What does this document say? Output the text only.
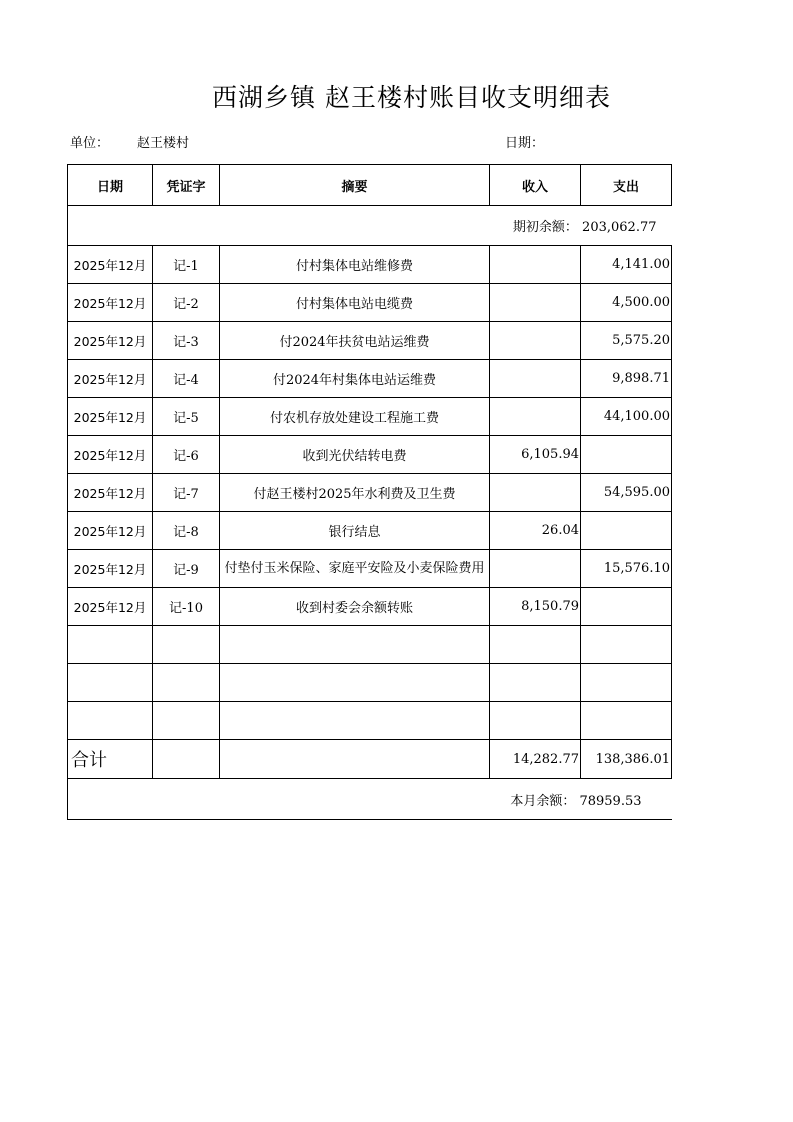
西湖乡镇 赵王楼村账目收支明细表
单位： 赵王楼村	日期：
日期	凭证字	摘要	收入	支出
期初余额： 203,062.77				
2025年12月	记-1	付村集体电站维修费		4,141.00
2025年12月	记-2	付村集体电站电缆费		4,500.00
2025年12月	记-3	付2024年扶贫电站运维费		5,575.20
2025年12月	记-4	付2024年村集体电站运维费		9,898.71
2025年12月	记-5	付农机存放处建设工程施工费		44,100.00
2025年12月	记-6	收到光伏结转电费	6,105.94	
2025年12月	记-7	付赵王楼村2025年水利费及卫生费		54,595.00
2025年12月	记-8	银行结息	26.04	
2025年12月	记-9	付垫付玉米保险、家庭平安险及小麦保险费用		15,576.10
2025年12月	记-10	收到村委会余额转账	8,150.79	

合计			14,282.77	138,386.01
本月余额： 78959.53				
